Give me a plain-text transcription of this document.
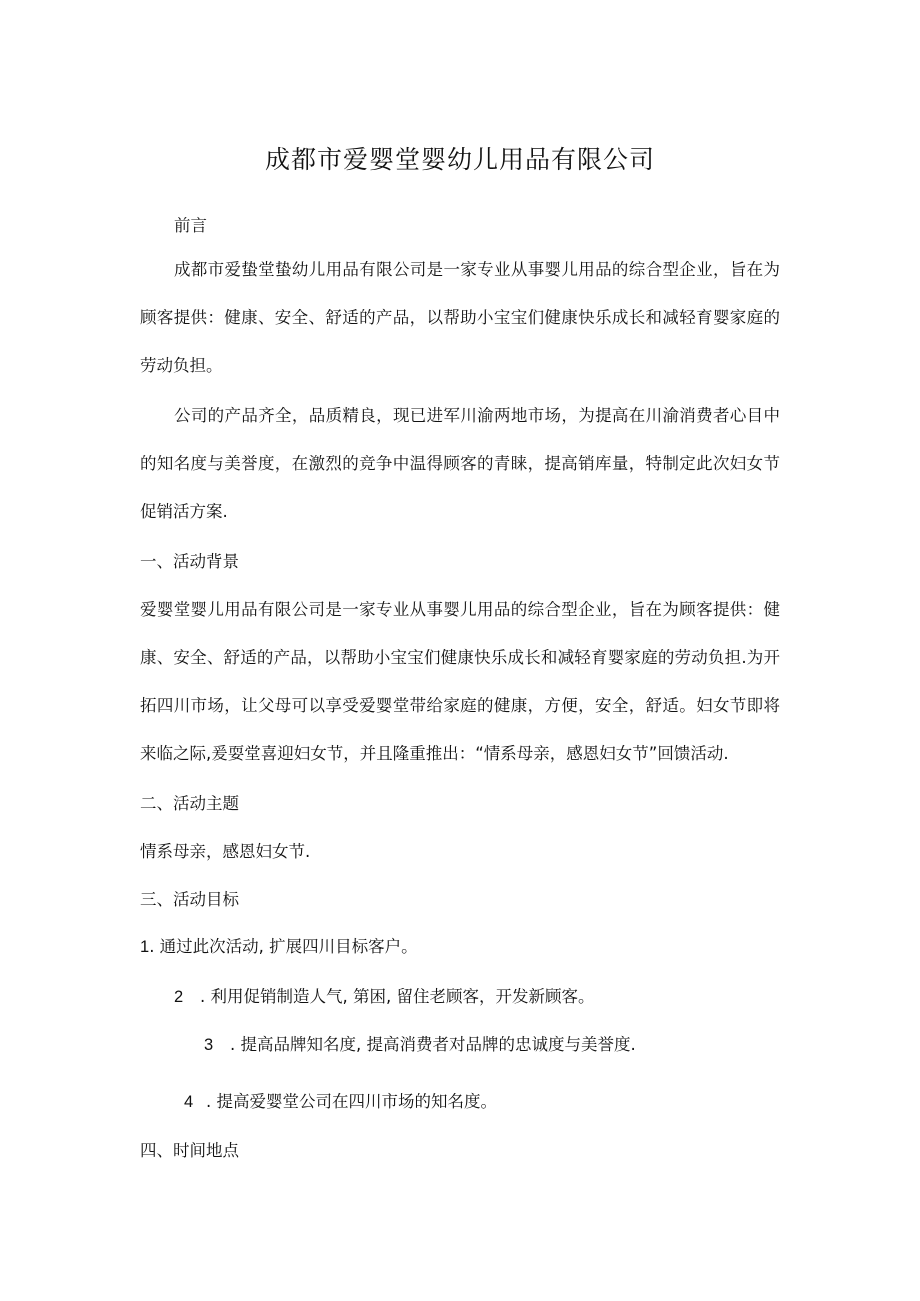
成都市爱婴堂婴幼儿用品有限公司
前言
成都市爱蛰堂蛰幼儿用品有限公司是一家专业从事婴儿用品的综合型企业，旨在为顾客提供：健康、安全、舒适的产品，以帮助小宝宝们健康快乐成长和减轻育婴家庭的劳动负担。
公司的产品齐全，品质精良，现已进军川渝两地市场，为提高在川渝消费者心目中的知名度与美誉度，在激烈的竞争中温得顾客的青睐，提高销库量，特制定此次妇女节促销活方案.
一、活动背景
爱婴堂婴儿用品有限公司是一家专业从事婴儿用品的综合型企业，旨在为顾客提供：健康、安全、舒适的产品，以帮助小宝宝们健康快乐成长和减轻育婴家庭的劳动负担.为开拓四川市场，让父母可以享受爱婴堂带给家庭的健康，方便，安全，舒适。妇女节即将来临之际,爰耍堂喜迎妇女节，并且隆重推出：“情系母亲，感恩妇女节”回馈活动.
二、活动主题
情系母亲，感恩妇女节.
三、活动目标
1. 通过此次活动, 扩展四川目标客户。
2 . 利用促销制造人气, 第困, 留住老顾客，开发新顾客。
3 . 提高品牌知名度, 提高消费者对品牌的忠诚度与美誉度.
4 . 提高爱婴堂公司在四川市场的知名度。
四、时间地点
